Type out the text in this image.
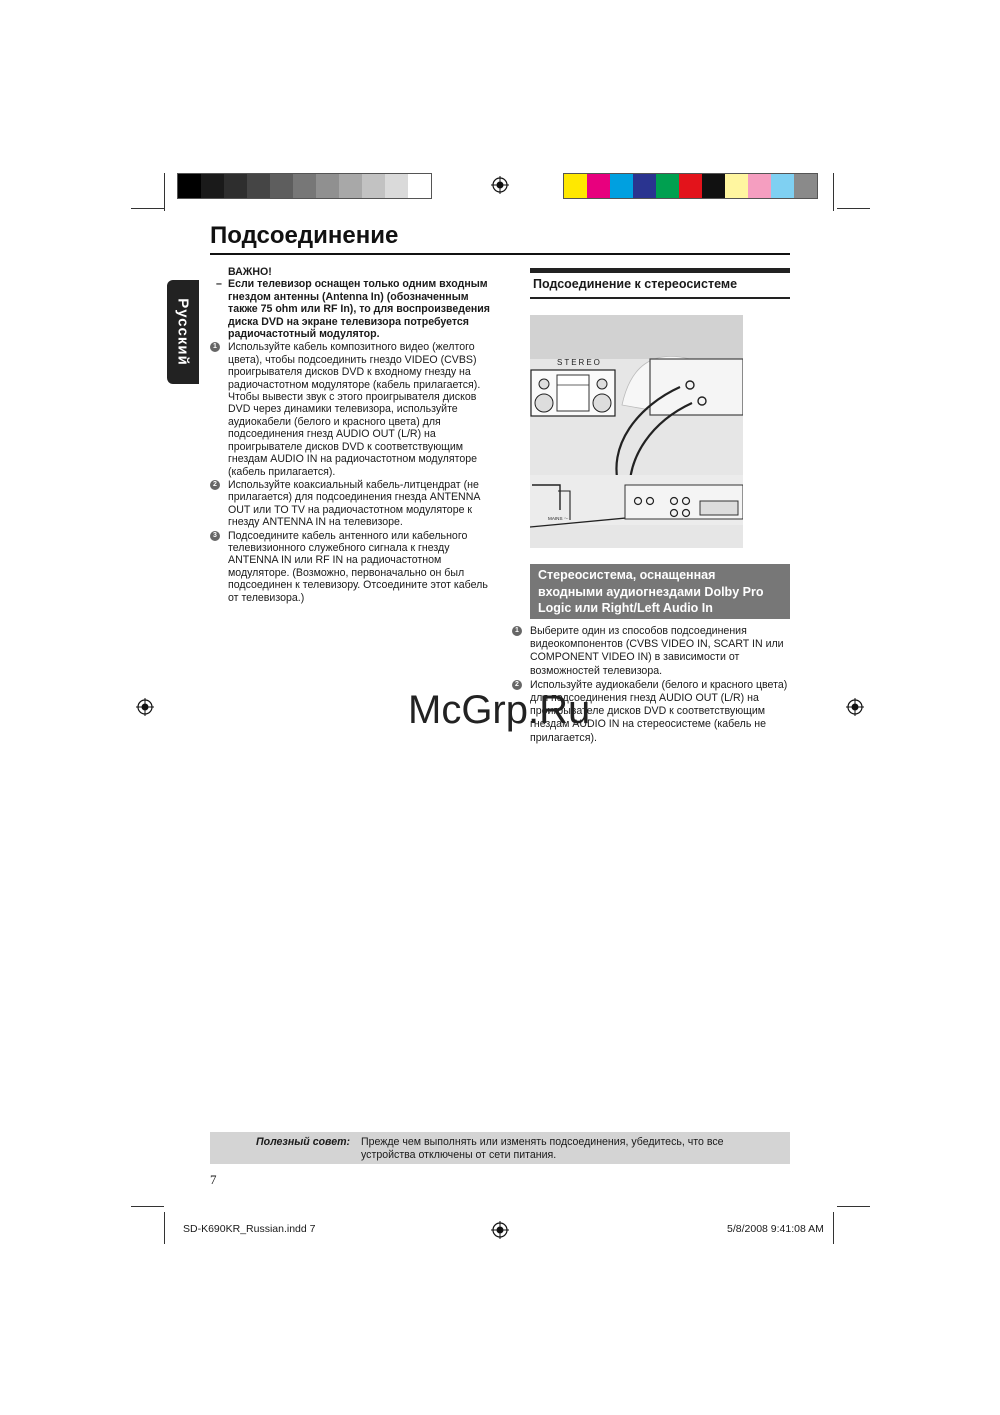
Подсоединение
Русский
ВАЖНО!
– Если телевизор оснащен только одним входным гнездом антенны (Antenna In) (обозначенным также 75 ohm или RF In), то для воспроизведения диска DVD на экране телевизора потребуется радиочастотный модулятор.
1 Используйте кабель композитного видео (желтого цвета), чтобы подсоединить гнездо VIDEO (CVBS) проигрывателя дисков DVD к входному гнезду на радиочастотном модуляторе (кабель прилагается). Чтобы вывести звук с этого проигрывателя дисков DVD через динамики телевизора, используйте аудиокабели (белого и красного цвета) для подсоединения гнезд AUDIO OUT (L/R) на проигрывателе дисков DVD к соответствующим гнездам AUDIO IN на радиочастотном модуляторе (кабель прилагается).

2 Используйте коаксиальный кабель-литцендрат (не прилагается) для подсоединения гнезда ANTENNA OUT или TO TV на радиочастотном модуляторе к гнезду ANTENNA IN на телевизоре.

3 Подсоедините кабель антенного или кабельного телевизионного служебного сигнала к гнезду ANTENNA IN или RF IN на радиочастотном модуляторе. (Возможно, первоначально он был подсоединен к телевизору. Отсоедините этот кабель от телевизора.)

Подсоединение к стереосистеме
STEREO
MAINS ～
Стереосистема, оснащенная входными аудиогнездами Dolby Pro Logic или Right/Left Audio In
1 Выберите один из способов подсоединения видеокомпонентов (CVBS VIDEO IN, SCART IN или COMPONENT VIDEO IN) в зависимости от возможностей телевизора.

2 Используйте аудиокабели (белого и красного цвета) для подсоединения гнезд AUDIO OUT (L/R) на проигрывателе дисков DVD к соответствующим гнездам AUDIO IN на стереосистеме (кабель не прилагается).

McGrp.Ru
Полезный совет: Прежде чем выполнять или изменять подсоединения, убедитесь, что все устройства отключены от сети питания.
7
SD-K690KR_Russian.indd 7	5/8/2008 9:41:08 AM
